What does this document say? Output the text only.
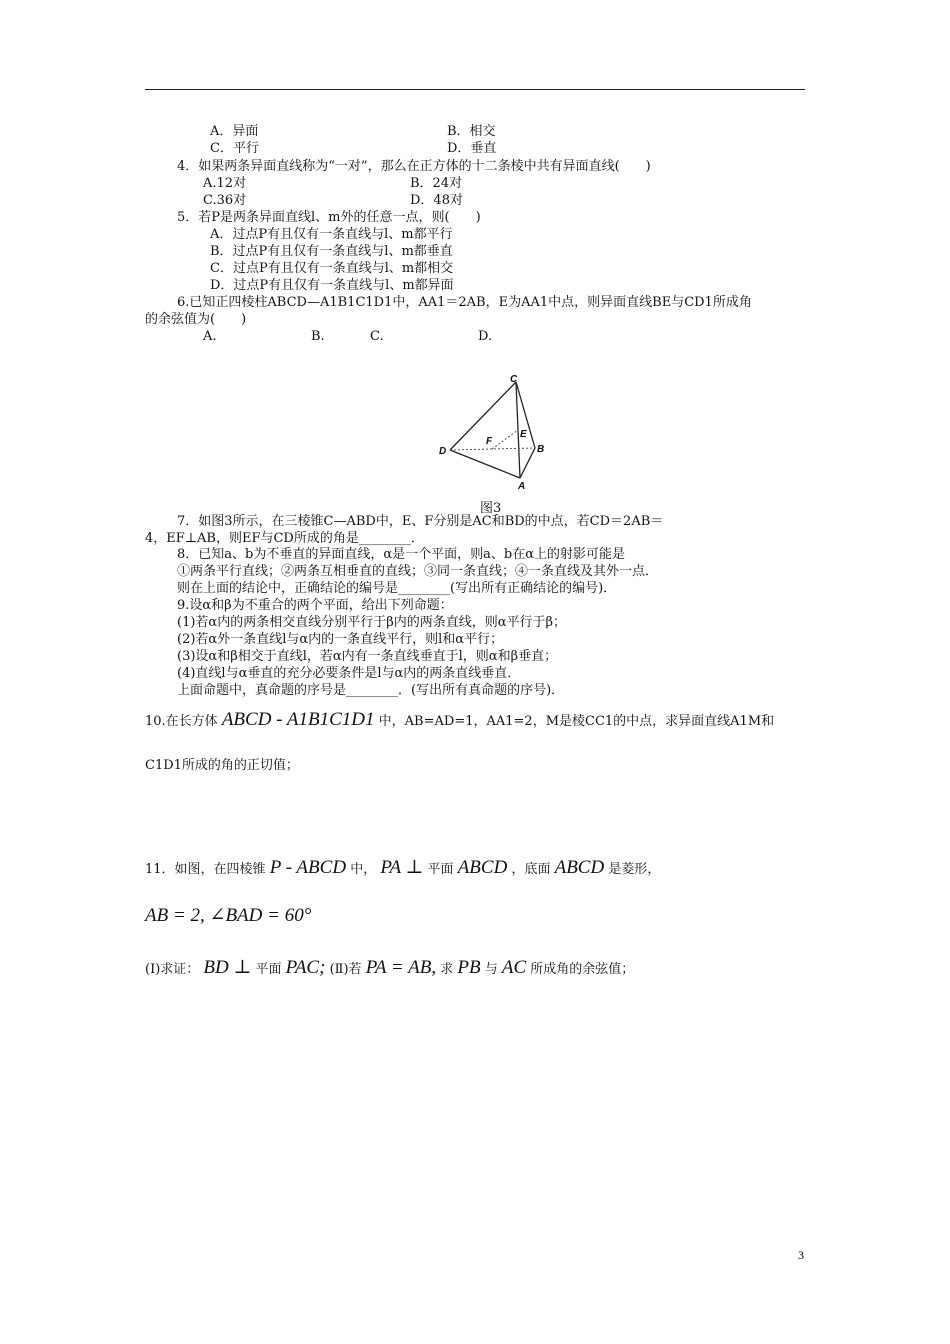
A．异面	B．相交
C．平行	D．垂直
4．如果两条异面直线称为“一对”，那么在正方体的十二条棱中共有异面直线(　　)
A.12对	B．24对
C.36对	D．48对
5．若P是两条异面直线l、m外的任意一点，则(　　)
A．过点P有且仅有一条直线与l、m都平行
B．过点P有且仅有一条直线与l、m都垂直
C．过点P有且仅有一条直线与l、m都相交
D．过点P有且仅有一条直线与l、m都异面
6.已知正四棱柱ABCD—A1B1C1D1中，AA1＝2AB，E为AA1中点，则异面直线BE与CD1所成角
的余弦值为(　　)
A.	B.	C.	D.
C
D	B
A
E
F
图3
7．如图3所示，在三棱锥C—ABD中，E、F分别是AC和BD的中点，若CD＝2AB＝
4，EF⊥AB，则EF与CD所成的角是________．
8．已知a、b为不垂直的异面直线，α是一个平面，则a、b在α上的射影可能是
①两条平行直线；②两条互相垂直的直线；③同一条直线；④一条直线及其外一点．
则在上面的结论中，正确结论的编号是________(写出所有正确结论的编号)．
9.设α和β为不重合的两个平面，给出下列命题：
(1)若α内的两条相交直线分别平行于β内的两条直线，则α平行于β；
(2)若α外一条直线l与α内的一条直线平行，则l和α平行；
(3)设α和β相交于直线l，若α内有一条直线垂直于l，则α和β垂直；
(4)直线l与α垂直的充分必要条件是l与α内的两条直线垂直．
上面命题中，真命题的序号是________．(写出所有真命题的序号)．
10.在长方体 ABCD - A1B1C1D1 中，AB=AD=1，AA1=2，M是棱CC1的中点，求异面直线A1M和
C1D1所成的角的正切值；
11．如图，在四棱锥 P - ABCD 中， PA ⊥ 平面 ABCD ，底面 ABCD 是菱形，
AB = 2, ∠BAD = 60°
(Ⅰ)求证： BD ⊥ 平面 PAC; (Ⅱ)若 PA = AB, 求 PB 与 AC 所成角的余弦值；
3
